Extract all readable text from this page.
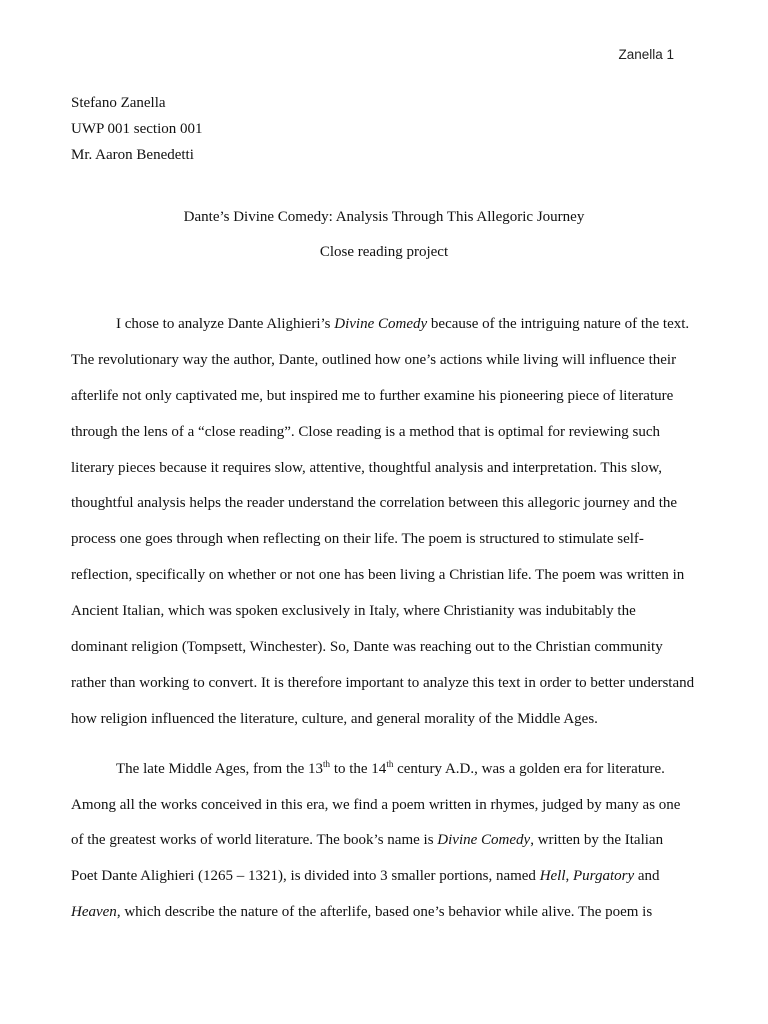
Zanella 1
Stefano Zanella
UWP 001 section 001
Mr. Aaron Benedetti
Dante’s Divine Comedy: Analysis Through This Allegoric Journey
Close reading project
I chose to analyze Dante Alighieri’s Divine Comedy because of the intriguing nature of the text.
The revolutionary way the author, Dante, outlined how one’s actions while living will influence their
afterlife not only captivated me, but inspired me to further examine his pioneering piece of literature
through the lens of a “close reading”. Close reading is a method that is optimal for reviewing such
literary pieces because it requires slow, attentive, thoughtful analysis and interpretation. This slow,
thoughtful analysis helps the reader understand the correlation between this allegoric journey and the
process one goes through when reflecting on their life. The poem is structured to stimulate self-
reflection, specifically on whether or not one has been living a Christian life. The poem was written in
Ancient Italian, which was spoken exclusively in Italy, where Christianity was indubitably the
dominant religion (Tompsett, Winchester). So, Dante was reaching out to the Christian community
rather than working to convert. It is therefore important to analyze this text in order to better understand
how religion influenced the literature, culture, and general morality of the Middle Ages.
The late Middle Ages, from the 13th to the 14th century A.D., was a golden era for literature.
Among all the works conceived in this era, we find a poem written in rhymes, judged by many as one
of the greatest works of world literature. The book’s name is Divine Comedy, written by the Italian
Poet Dante Alighieri (1265 – 1321), is divided into 3 smaller portions, named Hell, Purgatory and
Heaven, which describe the nature of the afterlife, based one’s behavior while alive. The poem is
